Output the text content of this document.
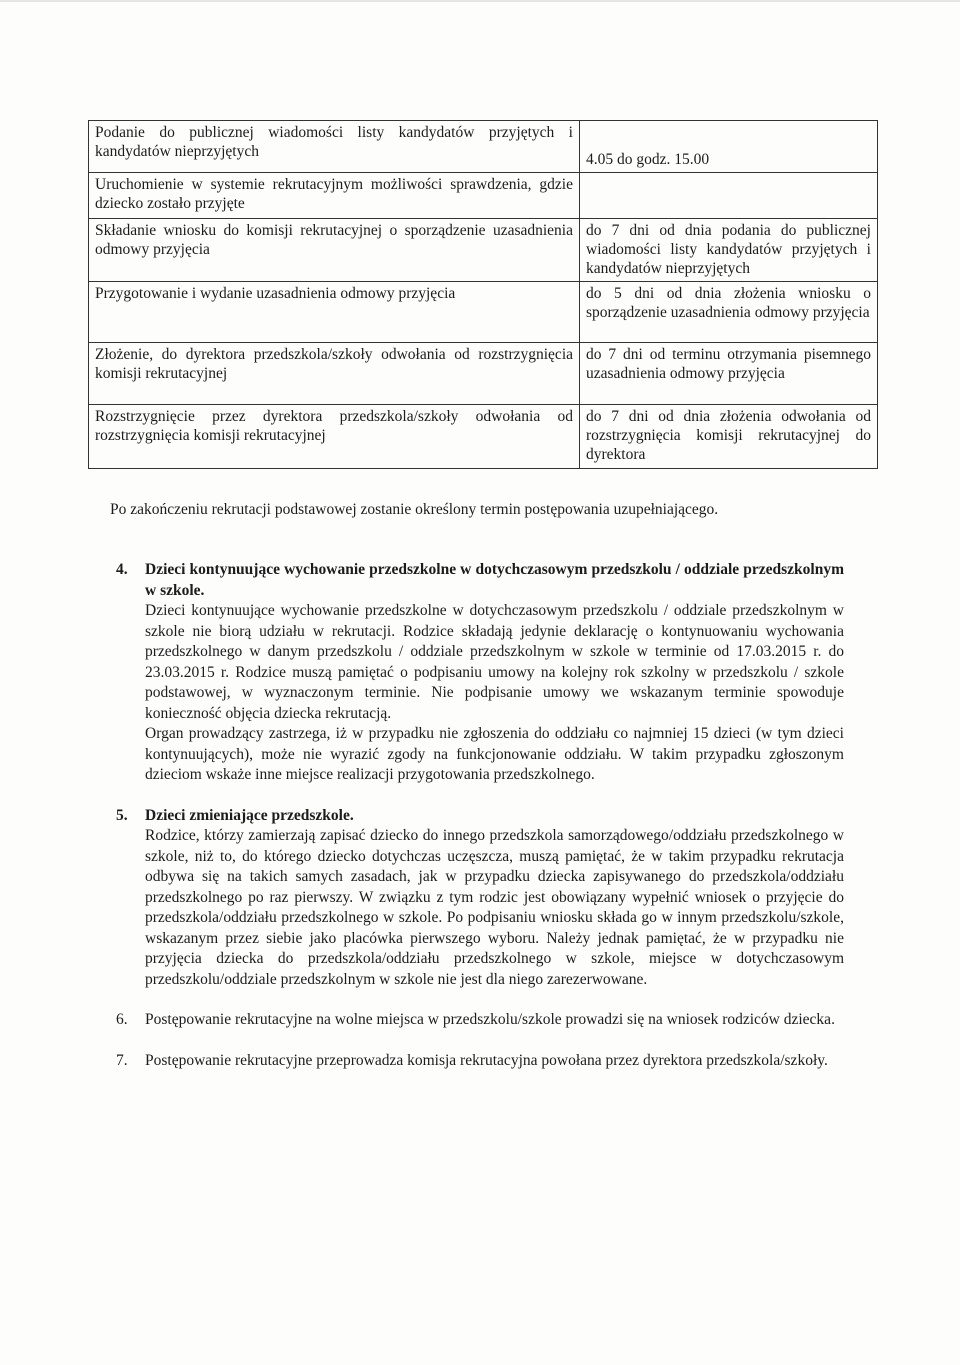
Podanie do publicznej wiadomości listy kandydatów przyjętych i kandydatów nieprzyjętych	4.05 do godz. 15.00
Uruchomienie w systemie rekrutacyjnym możliwości sprawdzenia, gdzie dziecko zostało przyjęte	
Składanie wniosku do komisji rekrutacyjnej o sporządzenie uzasadnienia odmowy przyjęcia	do 7 dni od dnia podania do publicznej wiadomości listy kandydatów przyjętych i kandydatów nieprzyjętych
Przygotowanie i wydanie uzasadnienia odmowy przyjęcia	do 5 dni od dnia złożenia wniosku o sporządzenie uzasadnienia odmowy przyjęcia
Złożenie, do dyrektora przedszkola/szkoły odwołania od rozstrzygnięcia komisji rekrutacyjnej	do 7 dni od terminu otrzymania pisemnego uzasadnienia odmowy przyjęcia
Rozstrzygnięcie przez dyrektora przedszkola/szkoły odwołania od rozstrzygnięcia komisji rekrutacyjnej	do 7 dni od dnia złożenia odwołania od rozstrzygnięcia komisji rekrutacyjnej do dyrektora
Po zakończeniu rekrutacji podstawowej zostanie określony termin postępowania uzupełniającego.
4. Dzieci kontynuujące wychowanie przedszkolne w dotychczasowym przedszkolu / oddziale przedszkolnym w szkole.

Dzieci kontynuujące wychowanie przedszkolne w dotychczasowym przedszkolu / oddziale przedszkolnym w szkole nie biorą udziału w rekrutacji. Rodzice składają jedynie deklarację o kontynuowaniu wychowania przedszkolnego w danym przedszkolu / oddziale przedszkolnym w szkole w terminie od 17.03.2015 r. do 23.03.2015 r. Rodzice muszą pamiętać o podpisaniu umowy na kolejny rok szkolny w przedszkolu / szkole podstawowej, w wyznaczonym terminie. Nie podpisanie umowy we wskazanym terminie spowoduje konieczność objęcia dziecka rekrutacją.

Organ prowadzący zastrzega, iż w przypadku nie zgłoszenia do oddziału co najmniej 15 dzieci (w tym dzieci kontynuujących), może nie wyrazić zgody na funkcjonowanie oddziału. W takim przypadku zgłoszonym dzieciom wskaże inne miejsce realizacji przygotowania przedszkolnego.

5. Dzieci zmieniające przedszkole.

Rodzice, którzy zamierzają zapisać dziecko do innego przedszkola samorządowego/oddziału przedszkolnego w szkole, niż to, do którego dziecko dotychczas uczęszcza, muszą pamiętać, że w takim przypadku rekrutacja odbywa się na takich samych zasadach, jak w przypadku dziecka zapisywanego do przedszkola/oddziału przedszkolnego po raz pierwszy. W związku z tym rodzic jest obowiązany wypełnić wniosek o przyjęcie do przedszkola/oddziału przedszkolnego w szkole. Po podpisaniu wniosku składa go w innym przedszkolu/szkole, wskazanym przez siebie jako placówka pierwszego wyboru. Należy jednak pamiętać, że w przypadku nie przyjęcia dziecka do przedszkola/oddziału przedszkolnego w szkole, miejsce w dotychczasowym przedszkolu/oddziale przedszkolnym w szkole nie jest dla niego zarezerwowane.

6. Postępowanie rekrutacyjne na wolne miejsca w przedszkolu/szkole prowadzi się na wniosek rodziców dziecka.

7. Postępowanie rekrutacyjne przeprowadza komisja rekrutacyjna powołana przez dyrektora przedszkola/szkoły.
